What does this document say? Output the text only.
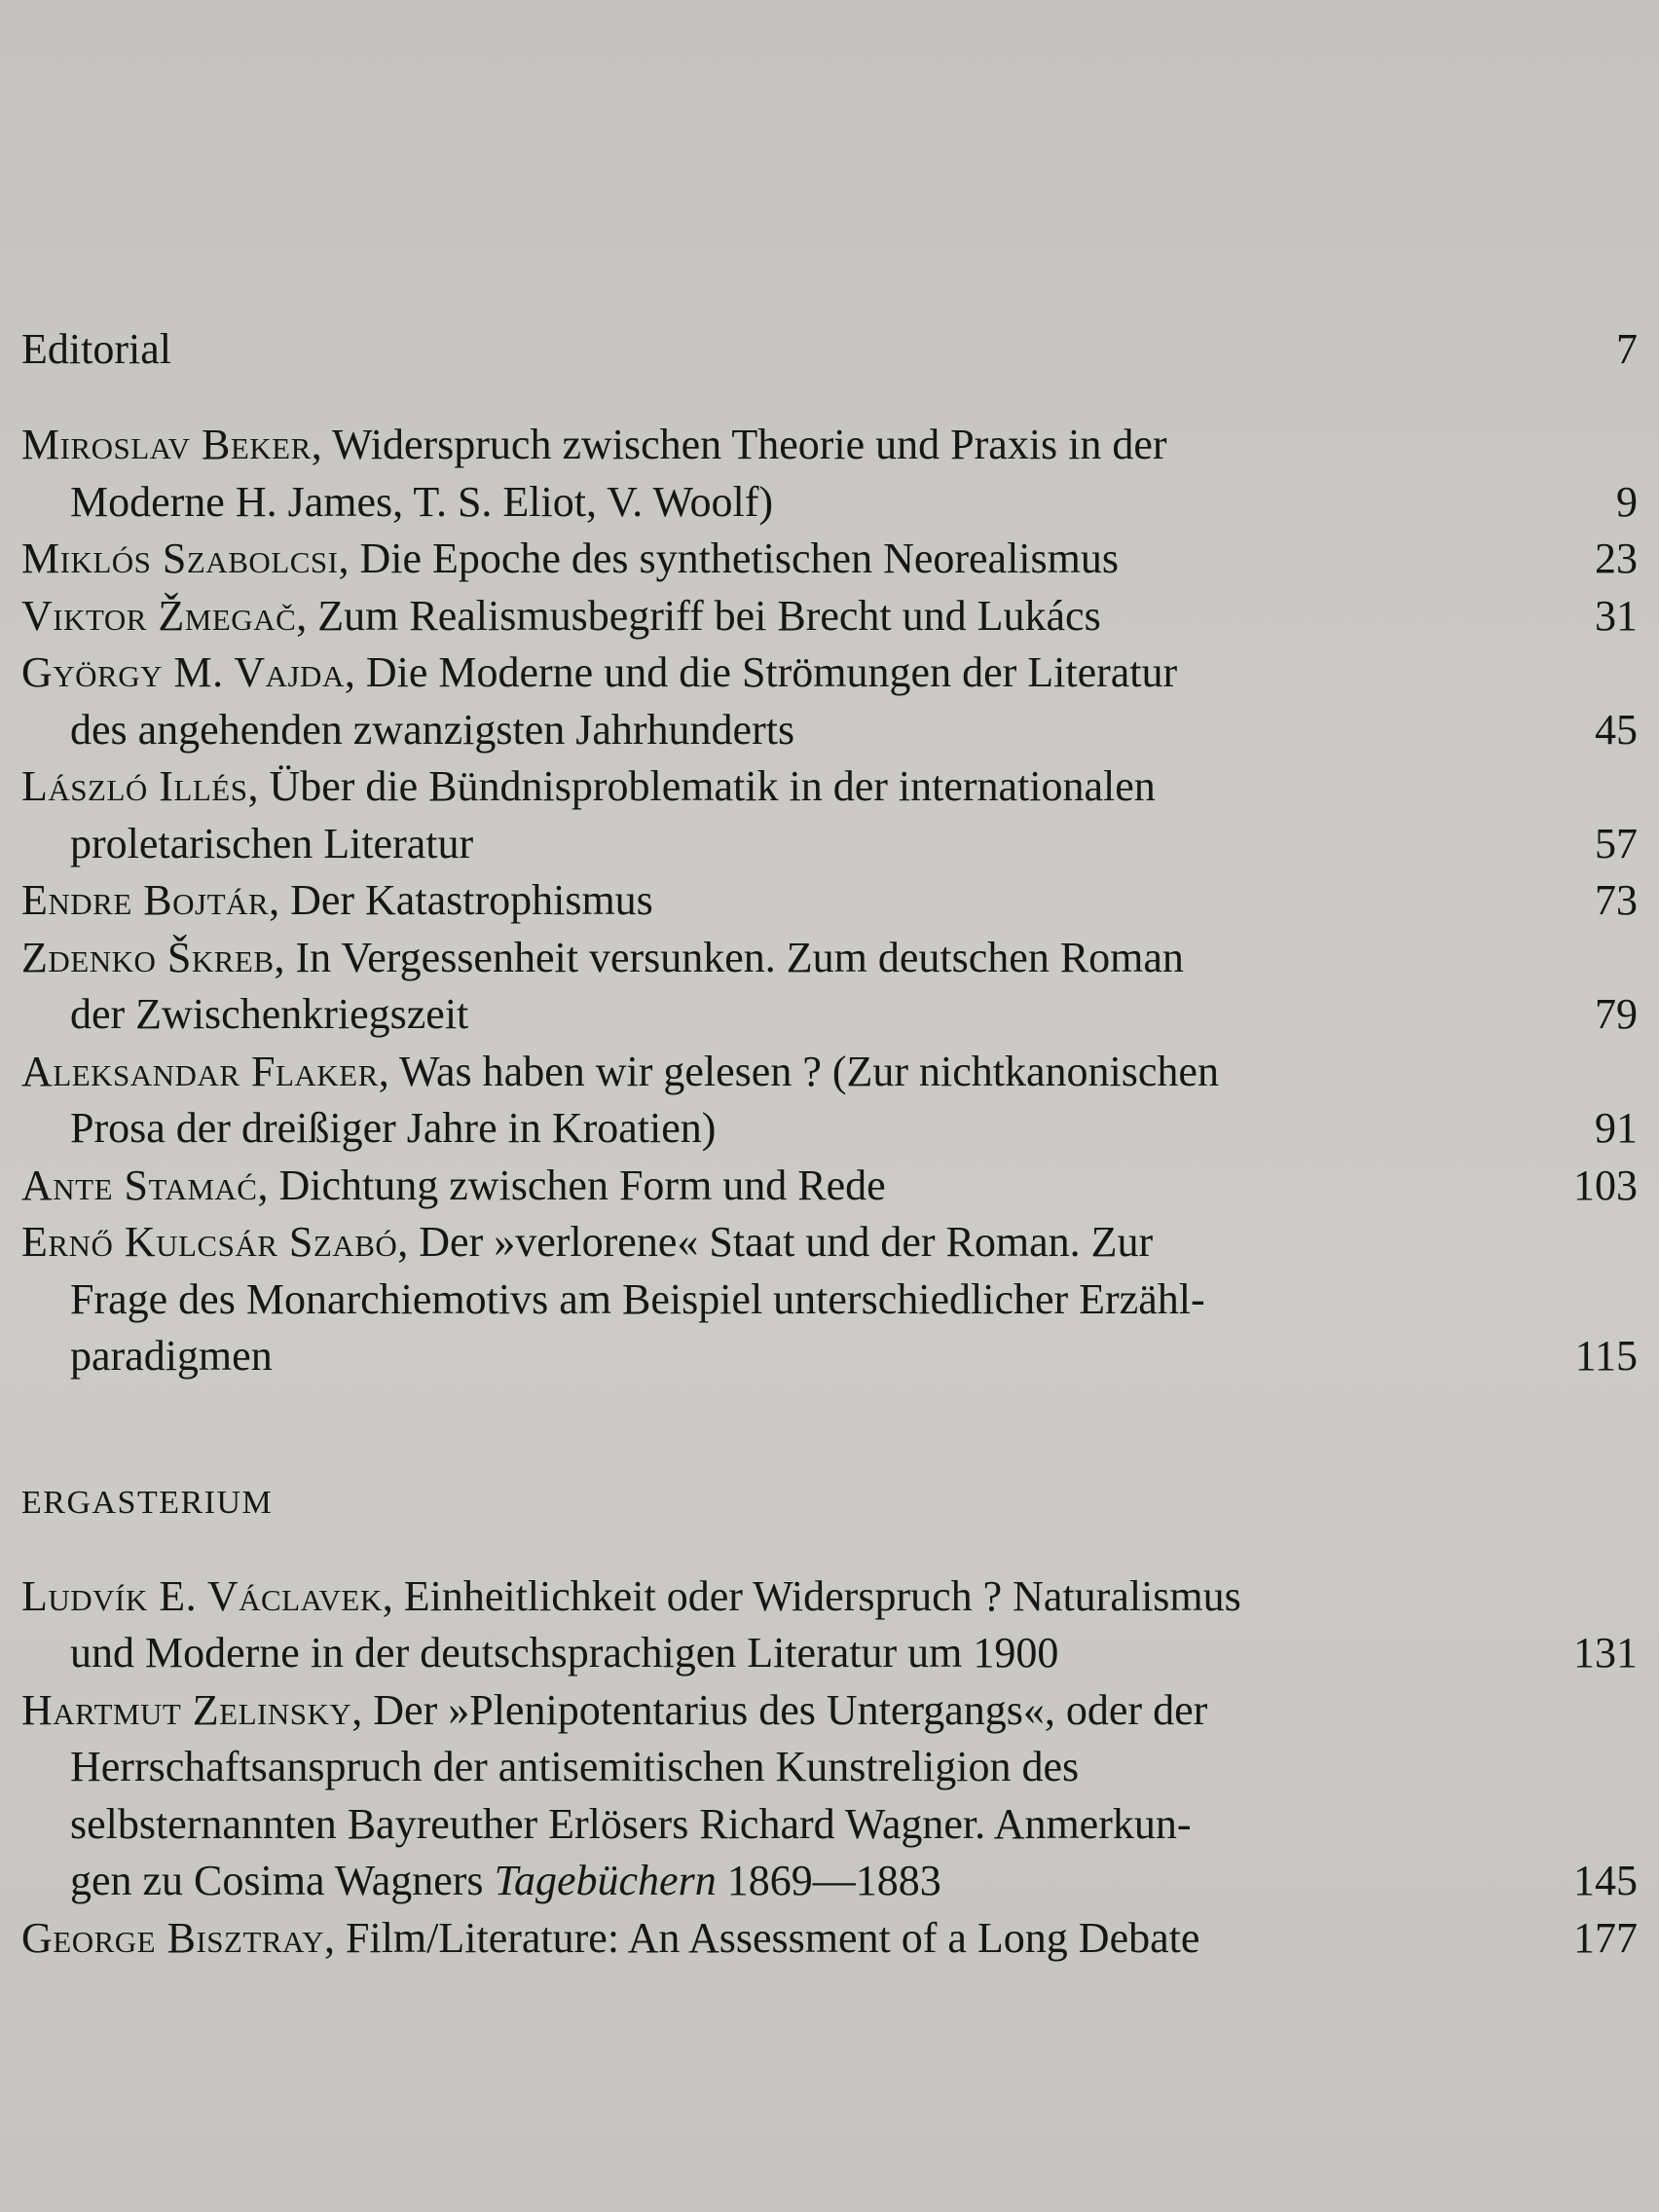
Editorial	7
Miroslav Beker, Widerspruch zwischen Theorie und Praxis in der
Moderne H. James, T. S. Eliot, V. Woolf)	9
Miklós Szabolcsi, Die Epoche des synthetischen Neorealismus	23
Viktor Žmegač, Zum Realismusbegriff bei Brecht und Lukács	31
György M. Vajda, Die Moderne und die Strömungen der Literatur
des angehenden zwanzigsten Jahrhunderts	45
László Illés, Über die Bündnisproblematik in der internationalen
proletarischen Literatur	57
Endre Bojtár, Der Katastrophismus	73
Zdenko Škreb, In Vergessenheit versunken. Zum deutschen Roman
der Zwischenkriegszeit	79
Aleksandar Flaker, Was haben wir gelesen ? (Zur nichtkanonischen
Prosa der dreißiger Jahre in Kroatien)	91
Ante Stamać, Dichtung zwischen Form und Rede	103
Ernő Kulcsár Szabó, Der »verlorene« Staat und der Roman. Zur
Frage des Monarchiemotivs am Beispiel unterschiedlicher Erzähl-
paradigmen	115
ERGASTERIUM
Ludvík E. Václavek, Einheitlichkeit oder Widerspruch ? Naturalismus
und Moderne in der deutschsprachigen Literatur um 1900	131
Hartmut Zelinsky, Der »Plenipotentarius des Untergangs«, oder der
Herrschaftsanspruch der antisemitischen Kunstreligion des
selbsternannten Bayreuther Erlösers Richard Wagner. Anmerkun-
gen zu Cosima Wagners Tagebüchern 1869—1883	145
George Bisztray, Film/Literature: An Assessment of a Long Debate	177
